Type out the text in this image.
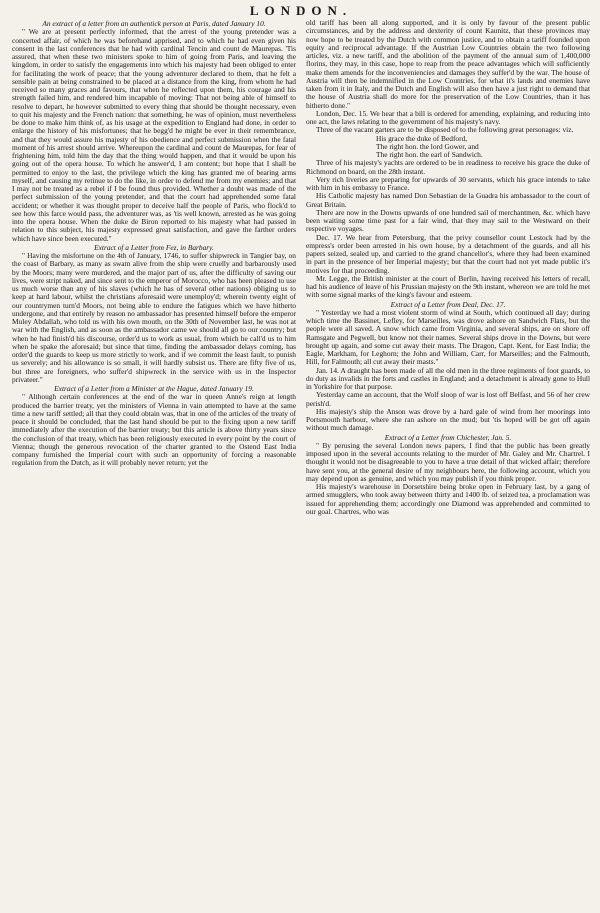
LONDON.

An extract of a letter from an authentick person at Paris, dated January 10.

" We are at present perfectly informed, that the arrest of the young pretender was a concerted affair, of which he was beforehand apprised, and to which he had even given his consent in the last conferences that he had with cardinal Tencin and count de Maurepas. 'Tis assured, that when these two ministers spoke to him of going from Paris, and leaving the kingdom, in order to satisfy the engagements into which his majesty had been obliged to enter for facilitating the work of peace; that the young adventurer declared to them, that he felt a sensible pain at being constrained to be placed at a distance from the king, from whom he had received so many graces and favours, that when he reflected upon them, his courage and his strength failed him, and rendered him incapable of moving: That not being able of himself to resolve to depart, he however submitted to every thing that should be thought necessary, even to quit his majesty and the French nation: that something, he was of opinion, must nevertheless be done to make him think of, as his usage at the expedition to England had done, in order to enlarge the history of his misfortunes; that he begg'd he might be ever in their remembrance, and that they would assure his majesty of his obedience and perfect submission when the fatal moment of his arrest should arrive. Whereupon the cardinal and count de Maurepas, for fear of frightening him, told him the day that the thing would happen, and that it would be upon his going out of the opera house. To which he answer'd, I am content; but hope that I shall be permitted to enjoy to the last, the privilege which the king has granted me of bearing arms myself, and causing my retinue to do the like, in order to defend me from my enemies; and that I may not be treated as a rebel if I be found thus provided. Whether a doubt was made of the perfect submission of the young pretender, and that the court had apprehended some fatal accident; or whether it was thought proper to deceive half the people of Paris, who flock'd to see how this farce would pass, the adventurer was, as 'tis well known, arrested as he was going into the opera house. When the duke de Biron reported to his majesty what had passed in relation to this subject, his majesty expressed great satisfaction, and gave the farther orders which have since been executed."

Extract of a Letter from Fez, in Barbary.

" Having the misfortune on the 4th of January, 1746, to suffer shipwreck in Tangier bay, on the coast of Barbary, as many as swam alive from the ship were cruelly and barbarously used by the Moors; many were murdered, and the major part of us, after the difficulty of saving our lives, were stript naked, and since sent to the emperor of Morocco, who has been pleased to use us much worse than any of his slaves (which he has of several other nations) obliging us to keep at hard labour, whilst the christians aforesaid were unemploy'd; wherein twenty eight of our countrymen turn'd Moors, not being able to endure the fatigues which we have hitherto undergone, and that entirely by reason no ambassador has presented himself before the emperor Muley Abdallah, who told us with his own mouth, on the 30th of November last, he was not at war with the English, and as soon as the ambassador came we should all go to our country; but when he had finish'd his discourse, order'd us to work as usual, from which he call'd us to him when he spake the aforesaid; but since that time, finding the ambassador delays coming, has order'd the guards to keep us more strictly to work, and if we commit the least fault, to punish us severely; and his allowance is so small, it will hardly subsist us. There are fifty five of us, but three are foreigners, who suffer'd shipwreck in the service with us in the Inspector privateer."

Extract of a Letter from a Minister at the Hague, dated January 19.

" Although certain conferences at the end of the war in queen Anne's reign at length produced the barrier treaty, yet the ministers of Vienna in vain attempted to have at the same time a new tariff settled; all that they could obtain was, that in one of the articles of the treaty of peace it should be concluded, that the last hand should be put to the fixing upon a new tariff immediately after the execution of the barrier treaty; but this article is above thirty years since the conclusion of that treaty, which has been religiously executed in every point by the court of Vienna; though the generous revocation of the charter granted to the Ostend East India company furnished the Imperial court with such an opportunity of forcing a reasonable regulation from the Dutch, as it will probably never return; yet the

old tariff has been all along supported, and it is only by favour of the present public circumstances, and by the address and dexterity of count Kaunitz, that these provinces may now hope to be treated by the Dutch with common justice, and to obtain a tariff founded upon equity and reciprocal advantage. If the Austrian Low Countries obtain the two following articles, viz. a new tariff, and the abolition of the payment of the annual sum of 1,400,000 florins, they may, in this case, hope to reap from the peace advantages which will sufficiently make them amends for the inconveniencies and damages they suffer'd by the war. The house of Austria will then be indemnified in the Low Countries, for what it's lands and enemies have taken from it in Italy, and the Dutch and English will also then have a just right to demand that the house of Austria shall do more for the preservation of the Low Countries, than it has hitherto done."

London, Dec. 15. We hear that a bill is ordered for amending, explaining, and reducing into one act, the laws relating to the government of his majesty's navy.

Three of the vacant garters are to be disposed of to the following great personages: viz.

His grace the duke of Bedford,

The right hon. the lord Gower, and

The right hon. the earl of Sandwich.

Three of his majesty's yachts are ordered to be in readiness to receive his grace the duke of Richmond on board, on the 28th instant.

Very rich liveries are preparing for upwards of 30 servants, which his grace intends to take with him in his embassy to France.

His Catholic majesty has named Don Sebastian de la Guadra his ambassador to the court of Great Britain.

There are now in the Downs upwards of one hundred sail of merchantmen, &c. which have been waiting some time past for a fair wind, that they may sail to the Westward on their respective voyages.

Dec. 17. We hear from Petersburg, that the privy counsellor count Lestock had by the empress's order been arrested in his own house, by a detachment of the guards, and all his papers seized, sealed up, and carried to the grand chancellor's, where they had been examined in part in the presence of her Imperial majesty; but that the court had not yet made public it's motives for that proceeding.

Mr. Legge, the British minister at the court of Berlin, having received his letters of recall, had his audience of leave of his Prussian majesty on the 9th instant, whereon we are told he met with some signal marks of the king's favour and esteem.

Extract of a Letter from Deal, Dec. 17.

" Yesterday we had a most violent storm of wind at South, which continued all day; during which time the Bassinet, Lefley, for Marseilles, was drove ashore on Sandwich Flats, but the people were all saved. A snow which came from Virginia, and several ships, are on shore off Ramsgate and Pegwell, but know not their names. Several ships drove in the Downs, but were brought up again, and some cut away their masts. The Dragon, Capt. Kent, for East India; the Eagle, Markham, for Leghorn; the John and William, Carr, for Marseilles; and the Falmouth, Hill, for Falmouth; all cut away their masts."

Jan. 14. A draught has been made of all the old men in the three regiments of foot guards, to do duty as invalids in the forts and castles in England; and a detachment is already gone to Hull in Yorkshire for that purpose.

Yesterday came an account, that the Wolf sloop of war is lost off Belfast, and 56 of her crew perish'd.

His majesty's ship the Anson was drove by a hard gale of wind from her moorings into Portsmouth harbour, where she ran ashore on the mud; but 'tis hoped will be got off again without much damage.

Extract of a Letter from Chichester, Jan. 5.

" By perusing the several London news papers, I find that the public has been greatly imposed upon in the several accounts relating to the murder of Mr. Galey and Mr. Chartrel. I thought it would not be disagreeable to you to have a true detail of that wicked affair; therefore have sent you, at the general desire of my neighbours here, the following account, which you may depend upon as genuine, and which you may publish if you think proper.

His majesty's warehouse in Dorsetshire being broke open in February last, by a gang of armed smugglers, who took away between thirty and 1400 lb. of seized tea, a proclamation was issued for apprehending them; accordingly one Diamond was apprehended and committed to our goal. Chartres, who was
